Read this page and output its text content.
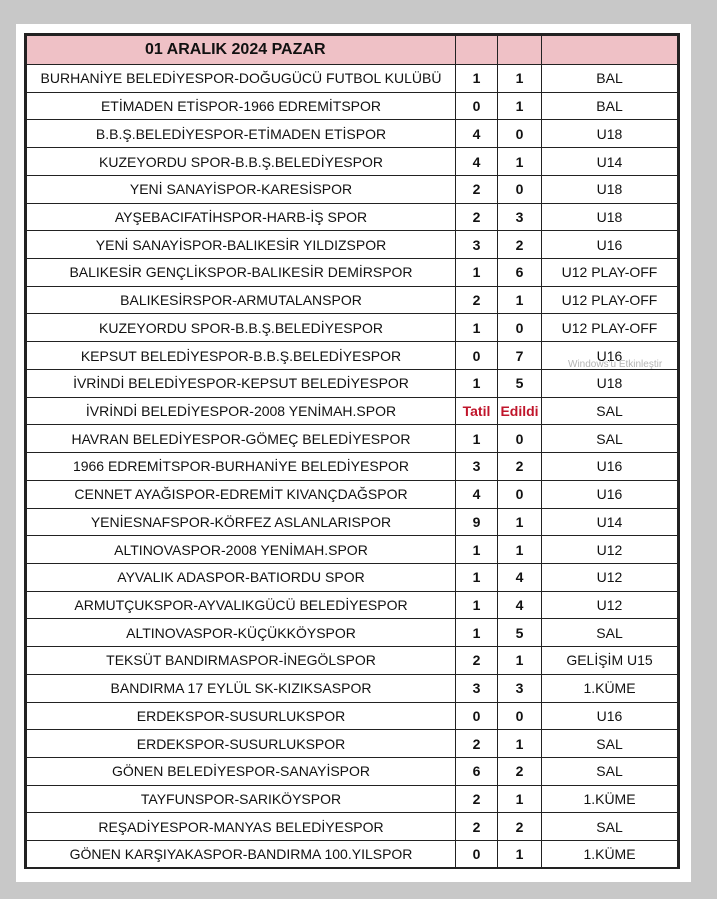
01 ARALIK 2024 PAZAR			
BURHANİYE BELEDİYESPOR-DOĞUGÜCÜ FUTBOL KULÜBÜ	1	1	BAL
ETİMADEN ETİSPOR-1966 EDREMİTSPOR	0	1	BAL
B.B.Ş.BELEDİYESPOR-ETİMADEN ETİSPOR	4	0	U18
KUZEYORDU SPOR-B.B.Ş.BELEDİYESPOR	4	1	U14
YENİ SANAYİSPOR-KARESİSPOR	2	0	U18
AYŞEBACIFATİHSPOR-HARB-İŞ SPOR	2	3	U18
YENİ SANAYİSPOR-BALIKESİR YILDIZSPOR	3	2	U16
BALIKESİR GENÇLİKSPOR-BALIKESİR DEMİRSPOR	1	6	U12 PLAY-OFF
BALIKESİRSPOR-ARMUTALANSPOR	2	1	U12 PLAY-OFF
KUZEYORDU SPOR-B.B.Ş.BELEDİYESPOR	1	0	U12 PLAY-OFF
KEPSUT BELEDİYESPOR-B.B.Ş.BELEDİYESPOR	0	7	U16
Windows'u Etkinleştir

İVRİNDİ BELEDİYESPOR-KEPSUT BELEDİYESPOR	1	5	U18
İVRİNDİ BELEDİYESPOR-2008 YENİMAH.SPOR	Tatil	Edildi	SAL
HAVRAN BELEDİYESPOR-GÖMEÇ BELEDİYESPOR	1	0	SAL
1966 EDREMİTSPOR-BURHANİYE BELEDİYESPOR	3	2	U16
CENNET AYAĞISPOR-EDREMİT KIVANÇDAĞSPOR	4	0	U16
YENİESNAFSPOR-KÖRFEZ ASLANLARISPOR	9	1	U14
ALTINOVASPOR-2008 YENİMAH.SPOR	1	1	U12
AYVALIK ADASPOR-BATIORDU SPOR	1	4	U12
ARMUTÇUKSPOR-AYVALIKGÜCÜ BELEDİYESPOR	1	4	U12
ALTINOVASPOR-KÜÇÜKKÖYSPOR	1	5	SAL
TEKSÜT BANDIRMASPOR-İNEGÖLSPOR	2	1	GELİŞİM U15
BANDIRMA 17 EYLÜL SK-KIZIKSASPOR	3	3	1.KÜME
ERDEKSPOR-SUSURLUKSPOR	0	0	U16
ERDEKSPOR-SUSURLUKSPOR	2	1	SAL
GÖNEN BELEDİYESPOR-SANAYİSPOR	6	2	SAL
TAYFUNSPOR-SARIKÖYSPOR	2	1	1.KÜME
REŞADİYESPOR-MANYAS BELEDİYESPOR	2	2	SAL
GÖNEN KARŞIYAKASPOR-BANDIRMA 100.YILSPOR	0	1	1.KÜME
